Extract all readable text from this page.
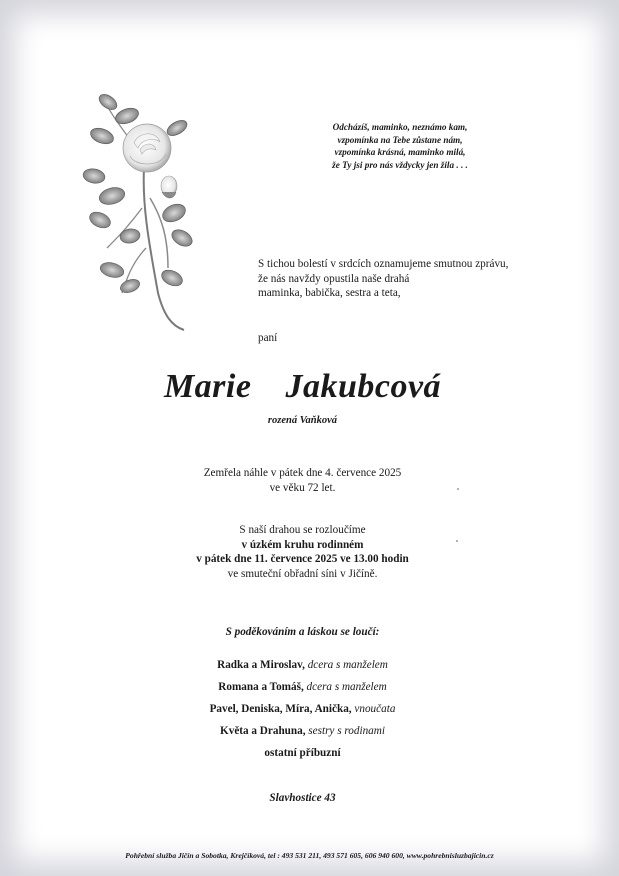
Odcházíš, maminko, neznámo kam,
vzpomínka na Tebe zůstane nám,
vzpomínka krásná, maminko milá,
že Ty jsi pro nás vždycky jen žila . . .
S tichou bolestí v srdcích oznamujeme smutnou zprávu,
že nás navždy opustila naše drahá
maminka, babička, sestra a teta,
paní
Marie  Jakubcová
rozená Vaňková
Zemřela náhle v pátek dne 4. července 2025
ve věku 72 let.
S naší drahou se rozloučíme
v úzkém kruhu rodinném
v pátek dne 11. července 2025 ve 13.00 hodin
ve smuteční obřadní síni v Jičíně.
S poděkováním a láskou se loučí:
Radka a Miroslav, dcera s manželem
Romana a Tomáš, dcera s manželem
Pavel, Deniska, Míra, Anička, vnoučata
Květa a Drahuna, sestry s rodinami
ostatní příbuzní
Slavhostice 43
Pohřební služba Jičín a Sobotka, Krejčíková, tel : 493 531 211, 493 571 605, 606 940 600, www.pohrebnisluzbajicin.cz
